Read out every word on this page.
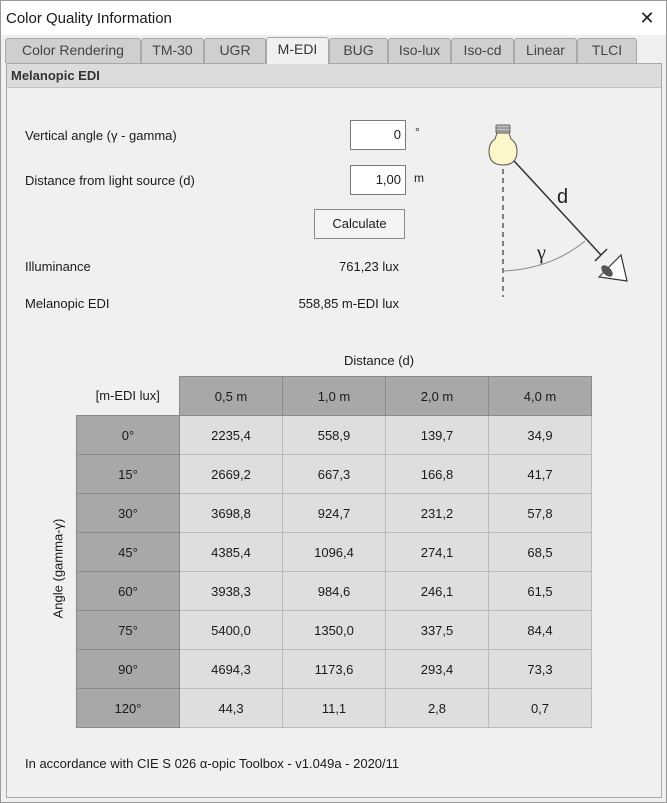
Color Quality Information	✕
Color Rendering	TM-30	UGR	M-EDI	BUG	Iso-lux	Iso-cd	Linear	TLCI
Melanopic EDI
Vertical angle (γ - gamma)	0	°
Distance from light source (d)	1,00	m
Calculate
Illuminance	761,23 lux
Melanopic EDI	558,85 m-EDI lux
d
γ
Distance (d)
Angle (gamma-γ)
[m-EDI lux]	0,5 m	1,0 m	2,0 m	4,0 m
0°	2235,4	558,9	139,7	34,9
15°	2669,2	667,3	166,8	41,7
30°	3698,8	924,7	231,2	57,8
45°	4385,4	1096,4	274,1	68,5
60°	3938,3	984,6	246,1	61,5
75°	5400,0	1350,0	337,5	84,4
90°	4694,3	1173,6	293,4	73,3
120°	44,3	11,1	2,8	0,7
In accordance with CIE S 026 α-opic Toolbox - v1.049a - 2020/11
